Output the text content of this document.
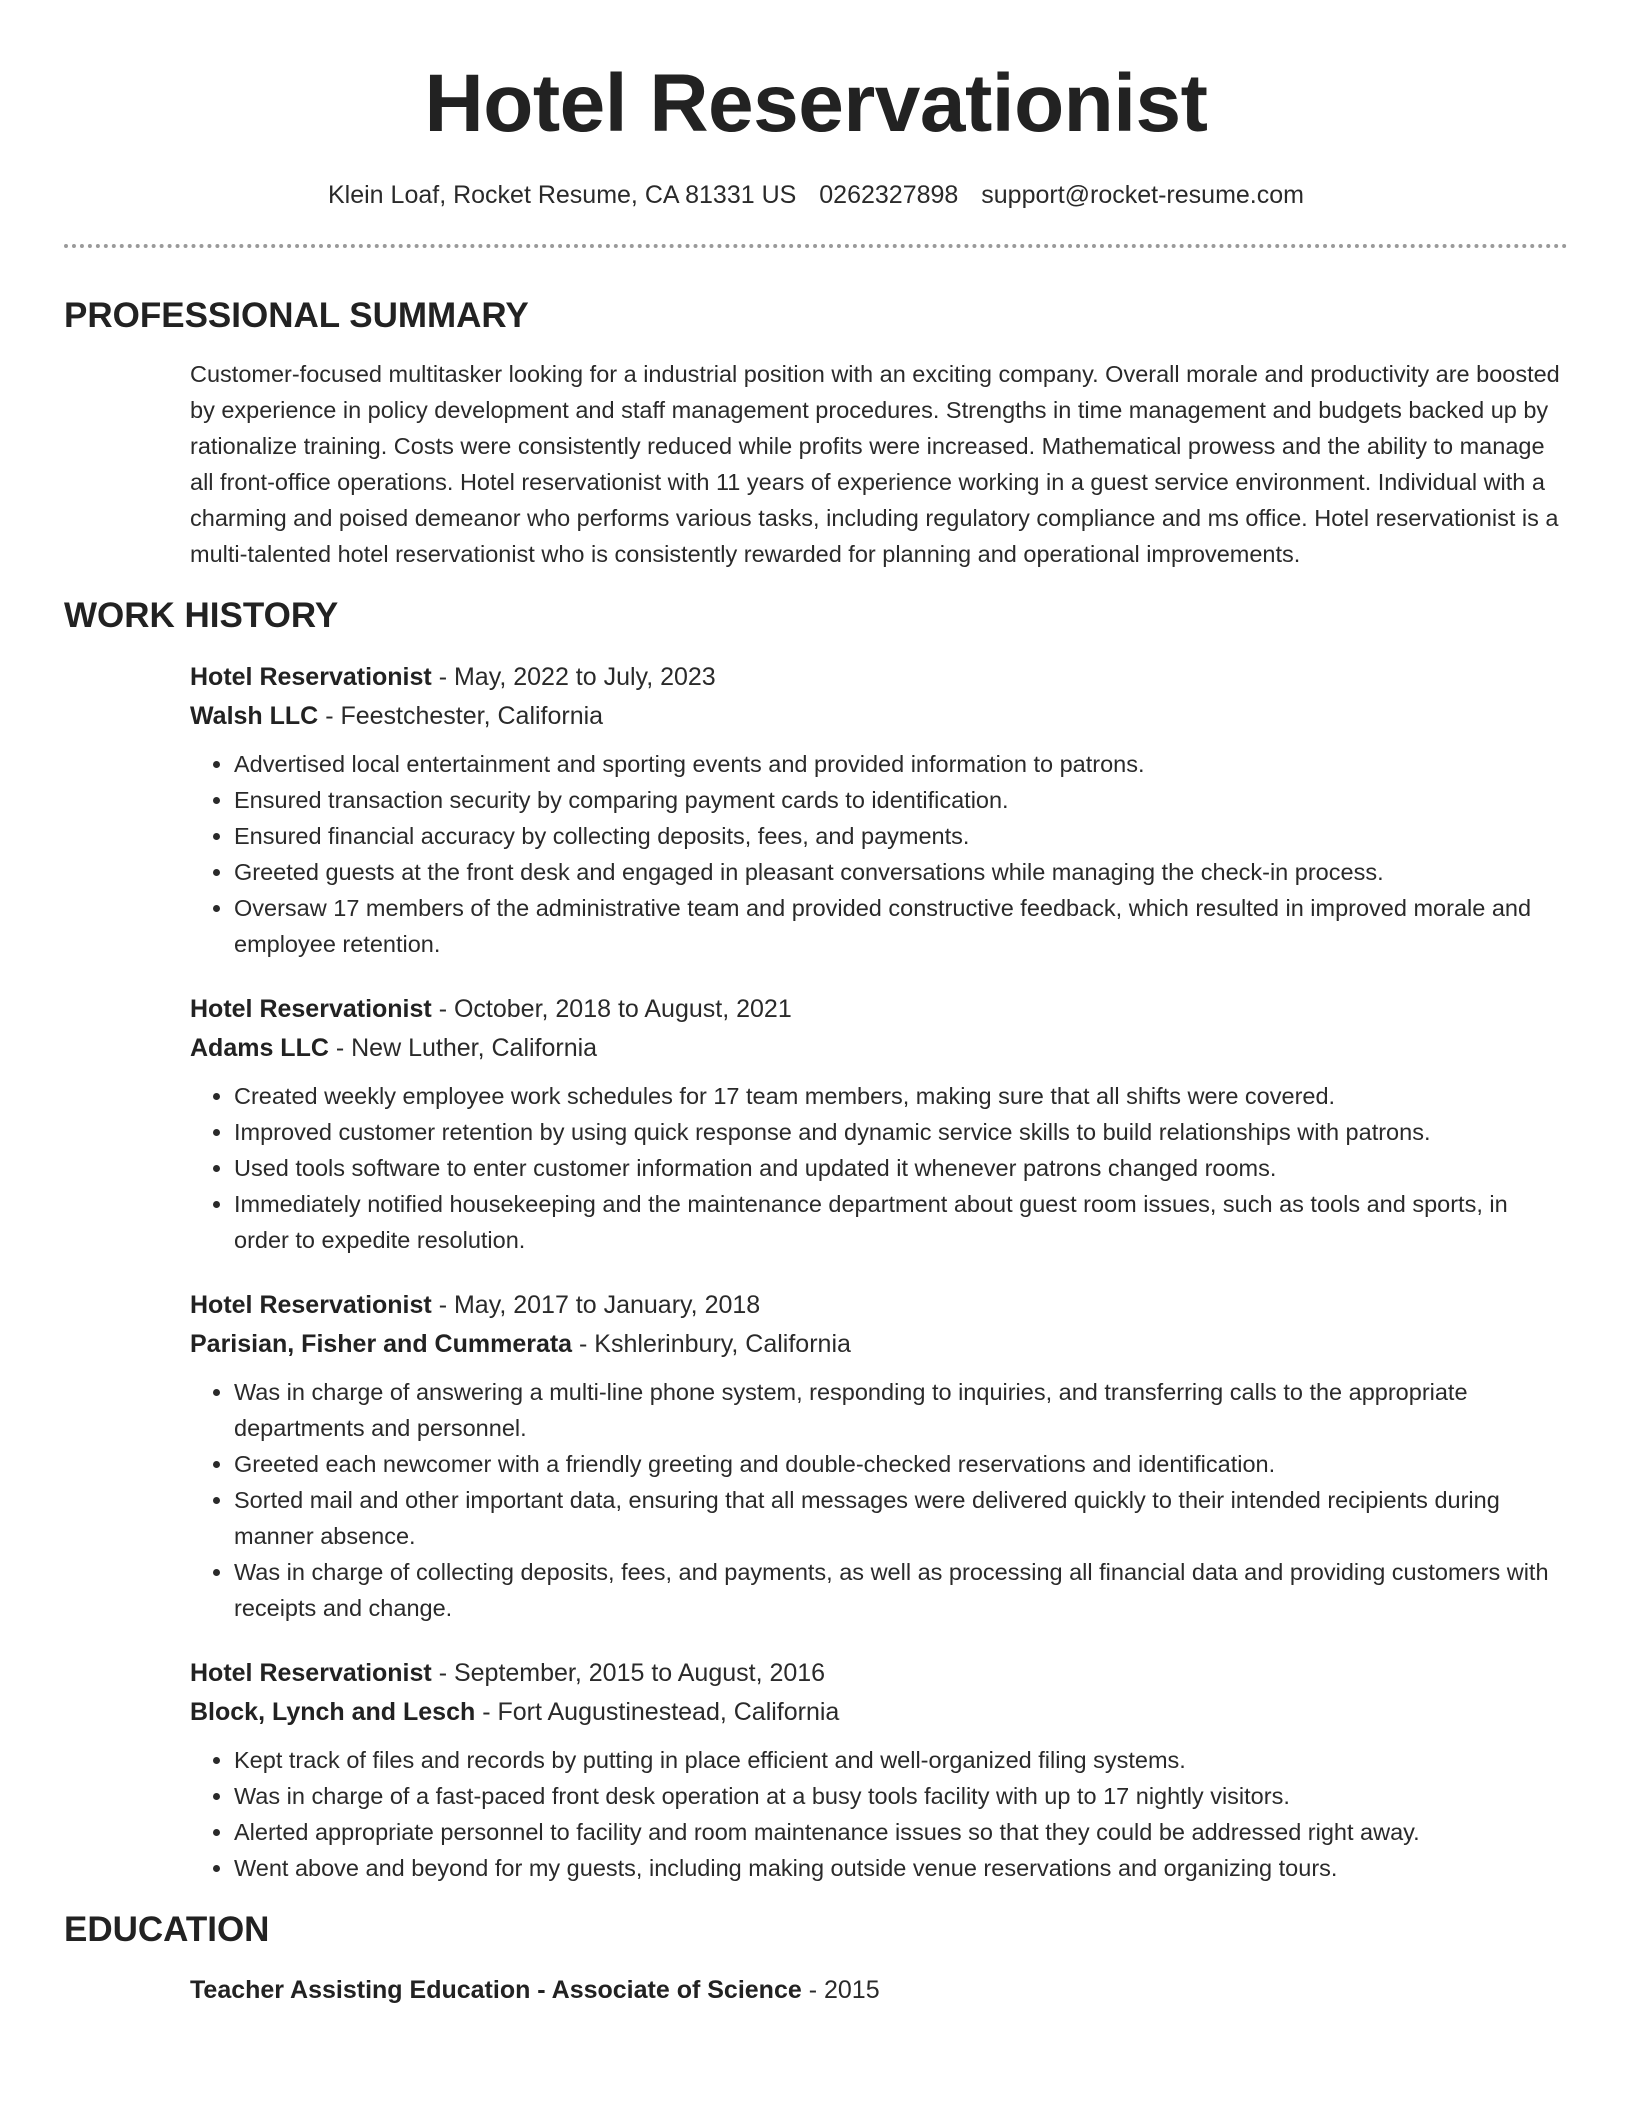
Hotel Reservationist
Klein Loaf, Rocket Resume, CA 81331 US 0262327898 support@rocket-resume.com
PROFESSIONAL SUMMARY
Customer-focused multitasker looking for a industrial position with an exciting company. Overall morale and productivity are boosted by experience in policy development and staff management procedures. Strengths in time management and budgets backed up by rationalize training. Costs were consistently reduced while profits were increased. Mathematical prowess and the ability to manage all front-office operations. Hotel reservationist with 11 years of experience working in a guest service environment. Individual with a charming and poised demeanor who performs various tasks, including regulatory compliance and ms office. Hotel reservationist is a multi-talented hotel reservationist who is consistently rewarded for planning and operational improvements.
WORK HISTORY
Hotel Reservationist - May, 2022 to July, 2023
Walsh LLC - Feestchester, California
• Advertised local entertainment and sporting events and provided information to patrons.
• Ensured transaction security by comparing payment cards to identification.
• Ensured financial accuracy by collecting deposits, fees, and payments.
• Greeted guests at the front desk and engaged in pleasant conversations while managing the check-in process.
• Oversaw 17 members of the administrative team and provided constructive feedback, which resulted in improved morale and employee retention.
Hotel Reservationist - October, 2018 to August, 2021
Adams LLC - New Luther, California
• Created weekly employee work schedules for 17 team members, making sure that all shifts were covered.
• Improved customer retention by using quick response and dynamic service skills to build relationships with patrons.
• Used tools software to enter customer information and updated it whenever patrons changed rooms.
• Immediately notified housekeeping and the maintenance department about guest room issues, such as tools and sports, in order to expedite resolution.
Hotel Reservationist - May, 2017 to January, 2018
Parisian, Fisher and Cummerata - Kshlerinbury, California
• Was in charge of answering a multi-line phone system, responding to inquiries, and transferring calls to the appropriate departments and personnel.
• Greeted each newcomer with a friendly greeting and double-checked reservations and identification.
• Sorted mail and other important data, ensuring that all messages were delivered quickly to their intended recipients during manner absence.
• Was in charge of collecting deposits, fees, and payments, as well as processing all financial data and providing customers with receipts and change.
Hotel Reservationist - September, 2015 to August, 2016
Block, Lynch and Lesch - Fort Augustinestead, California
• Kept track of files and records by putting in place efficient and well-organized filing systems.
• Was in charge of a fast-paced front desk operation at a busy tools facility with up to 17 nightly visitors.
• Alerted appropriate personnel to facility and room maintenance issues so that they could be addressed right away.
• Went above and beyond for my guests, including making outside venue reservations and organizing tours.
EDUCATION
Teacher Assisting Education - Associate of Science - 2015
